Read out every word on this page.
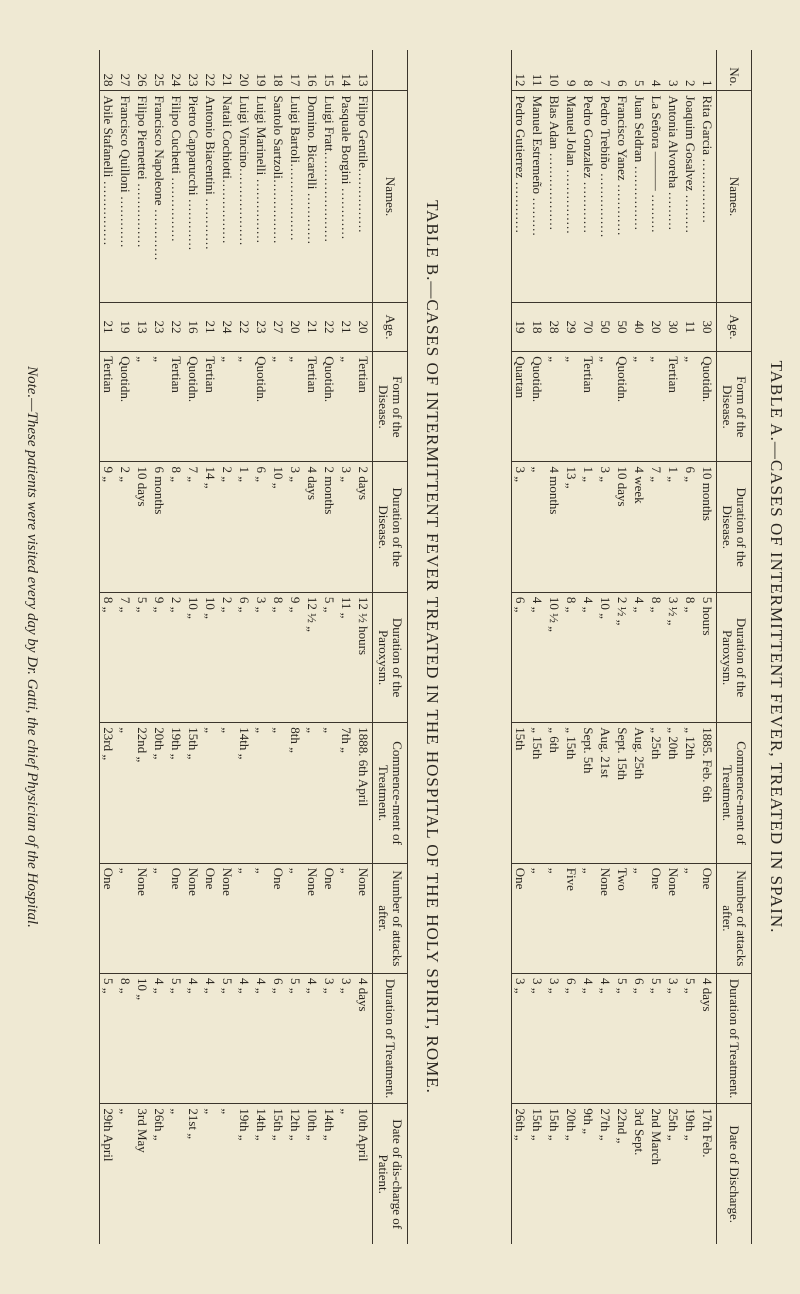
TABLE A.—CASES OF INTERMITTENT FEVER, TREATED IN SPAIN.
No.	Names.	Age.	Form of the Disease.	Duration of the Disease.	Duration of the Paroxysm.	Commence-ment of Treatment.	Number of attacks after.	Duration of Treatment.	Date of Discharge.
1	Rita Garcia ……………	30	Quotidn.	10 months	5 hours	1885. Feb. 6th	One	4 days	17th Feb.
2	Joaquim Gosalvez ………	11	„	6 „	8 „	„ 12th	„	5 „	19th „
3	Antonia Alvoreha ………	30	Tertian	1 „	3 ½ „	„ 20th	None	3 „	25th „
4	La Señora ——— ………	20	„	7 „	8 „	„ 25th	One	5 „	2nd March
5	Juan Seldran ……………	40	„	4 week	4 „	Aug. 25th	„	6 „	3rd Sept.
6	Francisco Yanez …………	50	Quotidn.	10 days	2 ½ „	Sept. 15th	Two	5 „	22nd „
7	Pedro Trebiño ……………	50	„	3 „	10 „	Aug. 21st	None	4 „	27th „
8	Pedro Gonzalez …………	70	Tertian	1 „	4 „	Sept. 5th	„	4 „	9th „
9	Manuel Jolan ……………	29	„	13 „	8 „	„ 15th	Five	6 „	20th „
10	Blas Adan ………………	28	„	4 months	10 ½ „	„ 6th	„	3 „	15th „
11	Manuel Estremeño ………	18	Quotidn.	„	4 „	„ 15th	„	3 „	15th „
12	Pedro Gutierrez …………	19	Quartan	3 „	6 „	15th	One	3 „	26th „
TABLE B.—CASES OF INTERMITTENT FEVER TREATED IN THE HOSPITAL OF THE HOLY SPIRIT, ROME.
	Names.	Age.	Form of the Disease.	Duration of the Disease.	Duration of the Paroxysm.	Commence-ment of Treatment.	Number of attacks after.	Duration of Treatment.	Date of dis-charge of Patient.
13	Filipo Gentile……………	20	Tertian	2 days	12 ½ hours	1888. 6th April	None	4 days	10th April
14	Pasquale Borgini …………	21	„	3 „	11 „	7th „	„	3 „	„
15	Luigi Fratt…………………	22	Quotidn.	2 months	5 „	„	One	3 „	14th „
16	Domino. Bicarelli …………	21	Tertian	4 days	12 ½ „	„	None	4 „	10th „
17	Luigi Bartoli………………	20	„	3 „	9 „	8th „	„	5 „	12th „
18	Santolo Sartzoli……………	27	„	10 „	8 „	„	One	6 „	15th „
19	Luigi Marinelli ……………	23	Quotidn.	6 „	3 „	„	„	4 „	14th „
20	Luigi Vincino………………	22	„	1 „	6 „	14th „	„	4 „	19th „
21	Natali Cochiotti……………	24	„	2 „	2 „	„	None	5 „	„
22	Antonio Biacentini …………	21	Tertian	14 „	10 „	„	One	4 „	„
23	Pietro Capparucchi …………	16	Quotidn.	7 „	10 „	15th „	None	4 „	21st „
24	Filipo Cuchetti ……………	22	Tertian	8 „	2 „	19th „	One	5 „	„
25	Francisco Napoleone …………	23	„	6 months	9 „	20th „	„	4 „	26th „
26	Filipo Piernettei ……………	13	„	10 days	5 „	22nd „	None	10 „	3rd May
27	Francisco Quilloni …………	19	Quotidn.	2 „	7 „	„	„	8 „	„
28	Abile Stafanelli ……………	21	Tertian	9 „	8 „	23rd „	One	5 „	29th April
Note.—These patients were visited every day by Dr. Gatti, the chief Physician of the Hospital.
